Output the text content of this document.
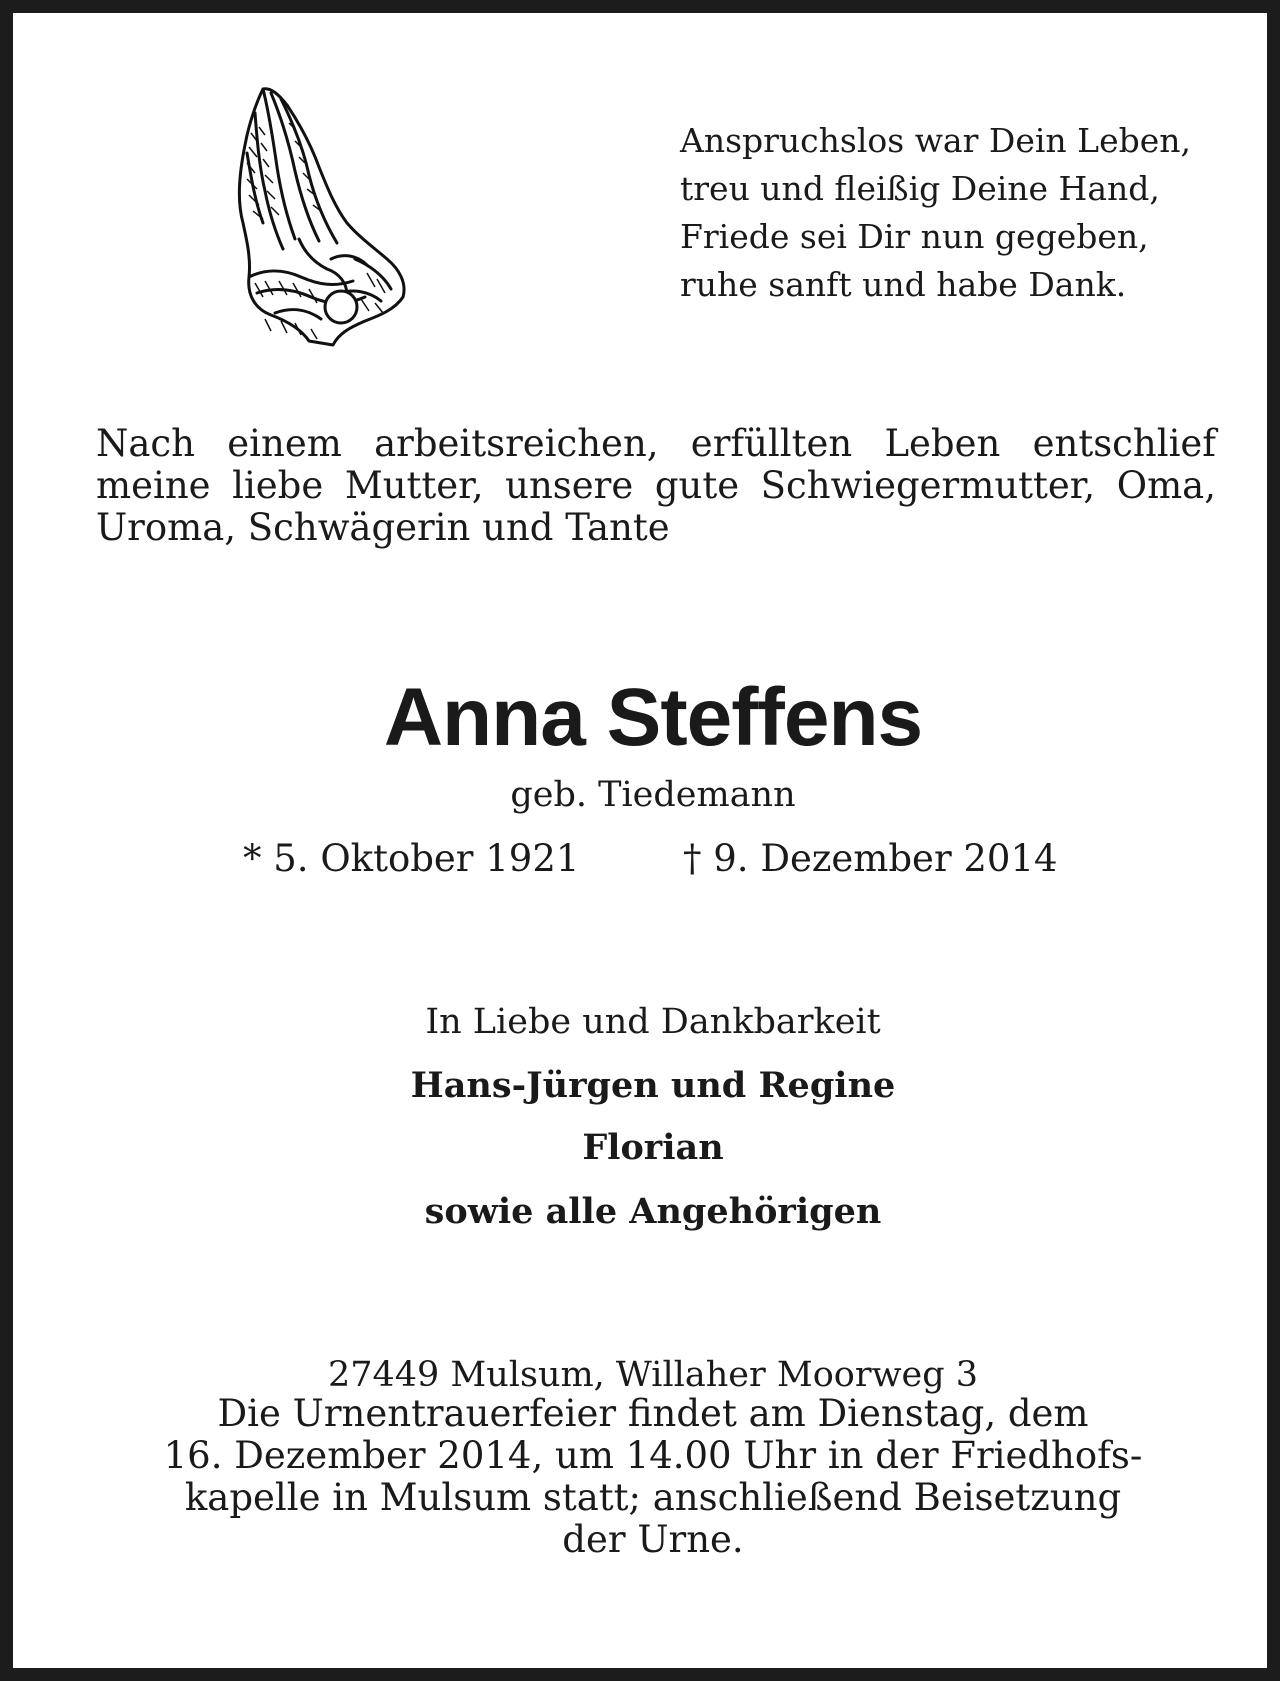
Anspruchslos war Dein Leben,
treu und fleißig Deine Hand,
Friede sei Dir nun gegeben,
ruhe sanft und habe Dank.
Nach einem arbeitsreichen, erfüllten Leben entschlief
meine liebe Mutter, unsere gute Schwiegermutter, Oma,
Uroma, Schwägerin und Tante
Anna Steffens
geb. Tiedemann
* 5. Oktober 1921	† 9. Dezember 2014
In Liebe und Dankbarkeit
Hans-Jürgen und Regine
Florian
sowie alle Angehörigen
27449 Mulsum, Willaher Moorweg 3
Die Urnentrauerfeier findet am Dienstag, dem
16. Dezember 2014, um 14.00 Uhr in der Friedhofs-
kapelle in Mulsum statt; anschließend Beisetzung
der Urne.
